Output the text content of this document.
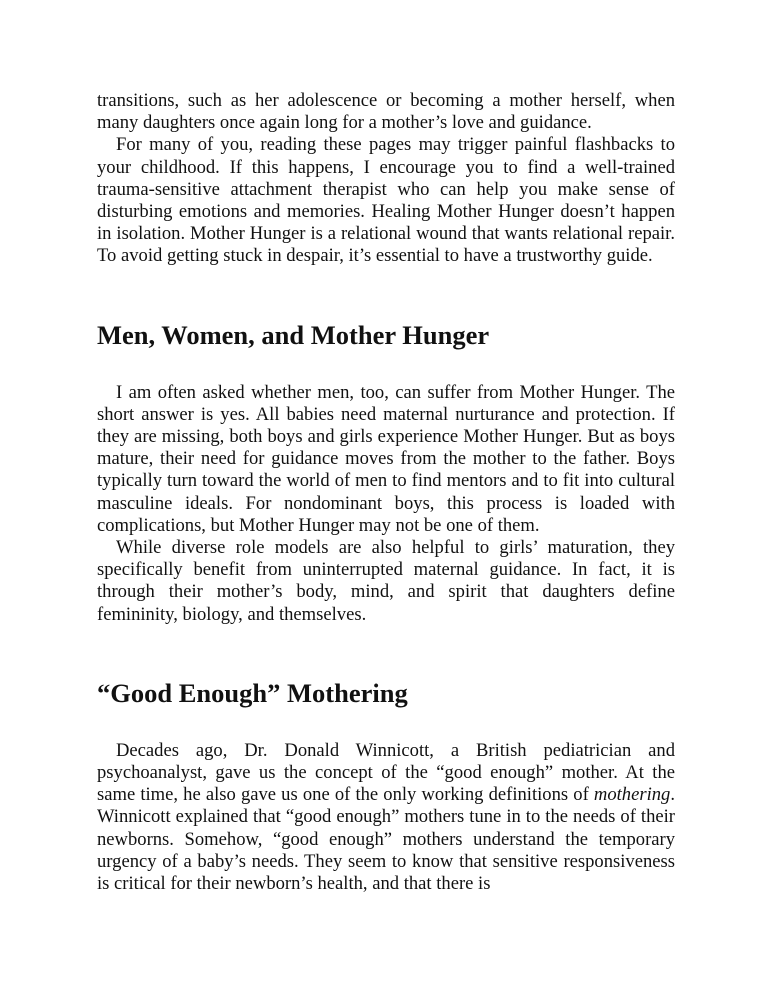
transitions, such as her adolescence or becoming a mother herself, when many daughters once again long for a mother’s love and guidance.

For many of you, reading these pages may trigger painful flashbacks to your childhood. If this happens, I encourage you to find a well-trained trauma-sensitive attachment therapist who can help you make sense of disturbing emotions and memories. Healing Mother Hunger doesn’t happen in isolation. Mother Hunger is a relational wound that wants relational repair. To avoid getting stuck in despair, it’s essential to have a trustworthy guide.

Men, Women, and Mother Hunger

I am often asked whether men, too, can suffer from Mother Hunger. The short answer is yes. All babies need maternal nurturance and protection. If they are missing, both boys and girls experience Mother Hunger. But as boys mature, their need for guidance moves from the mother to the father. Boys typically turn toward the world of men to find mentors and to fit into cultural masculine ideals. For nondominant boys, this process is loaded with complications, but Mother Hunger may not be one of them.

While diverse role models are also helpful to girls’ maturation, they specifically benefit from uninterrupted maternal guidance. In fact, it is through their mother’s body, mind, and spirit that daughters define femininity, biology, and themselves.

“Good Enough” Mothering

Decades ago, Dr. Donald Winnicott, a British pediatrician and psychoanalyst, gave us the concept of the “good enough” mother. At the same time, he also gave us one of the only working definitions of mothering. Winnicott explained that “good enough” mothers tune in to the needs of their newborns. Somehow, “good enough” mothers understand the temporary urgency of a baby’s needs. They seem to know that sensitive responsiveness is critical for their newborn’s health, and that there is
